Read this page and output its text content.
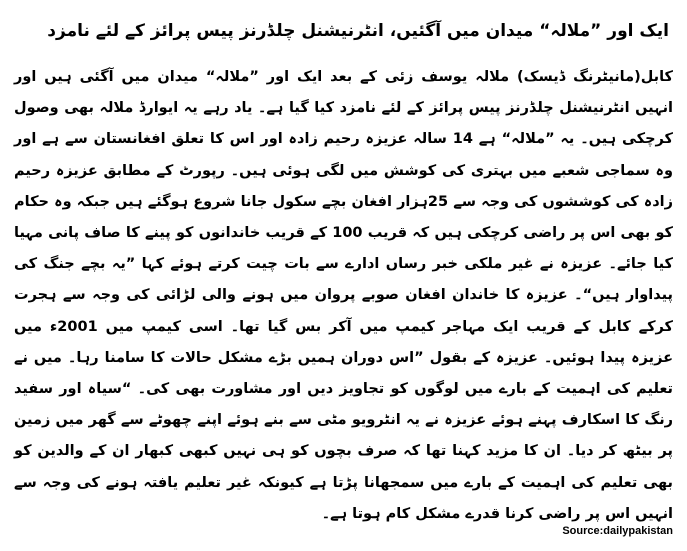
ایک اور ”ملالہ“ میدان میں آگئیں، انٹرنیشنل چلڈرنز پیس پرائز کے لئے نامزد

کابل(مانیٹرنگ ڈیسک) ملالہ یوسف زئی کے بعد ایک اور ”ملالہ“ میدان میں آگئی ہیں اور انہیں انٹرنیشنل چلڈرنز پیس پرائز کے لئے نامزد کیا گیا ہے۔ یاد رہے یہ ایوارڈ ملالہ بھی وصول کرچکی ہیں۔ یہ ”ملالہ“ ہے 14 سالہ عزیزہ رحیم زادہ اور اس کا تعلق افغانستان سے ہے اور وہ سماجی شعبے میں بہتری کی کوشش میں لگی ہوئی ہیں۔ رپورٹ کے مطابق عزیزہ رحیم زادہ کی کوششوں کی وجہ سے 25ہزار افغان بچے سکول جانا شروع ہوگئے ہیں جبکہ وہ حکام کو بھی اس پر راضی کرچکی ہیں کہ قریب 100 کے قریب خاندانوں کو پینے کا صاف پانی مہیا کیا جائے۔ عزیزہ نے غیر ملکی خبر رساں ادارے سے بات چیت کرتے ہوئے کہا ”یہ بچے جنگ کی پیداوار ہیں“۔ عزیزہ کا خاندان افغان صوبے پروان میں ہونے والی لڑائی کی وجہ سے ہجرت کرکے کابل کے قریب ایک مہاجر کیمپ میں آکر بس گیا تھا۔ اسی کیمپ میں 2001ء میں عزیزہ پیدا ہوئیں۔ عزیزہ کے بقول ”اس دوران ہمیں بڑے مشکل حالات کا سامنا رہا۔ میں نے تعلیم کی اہمیت کے بارے میں لوگوں کو تجاویز دیں اور مشاورت بھی کی۔ “سیاہ اور سفید رنگ کا اسکارف پہنے ہوئے عزیزہ نے یہ انٹرویو مٹی سے بنے ہوئے اپنے چھوٹے سے گھر میں زمین پر بیٹھ کر دیا۔ ان کا مزید کہنا تھا کہ صرف بچوں کو ہی نہیں کبھی کبھار ان کے والدین کو بھی تعلیم کی اہمیت کے بارے میں سمجھانا پڑتا ہے کیونکہ غیر تعلیم یافتہ ہونے کی وجہ سے انہیں اس پر راضی کرنا قدرے مشکل کام ہوتا ہے۔

Source:dailypakistan
